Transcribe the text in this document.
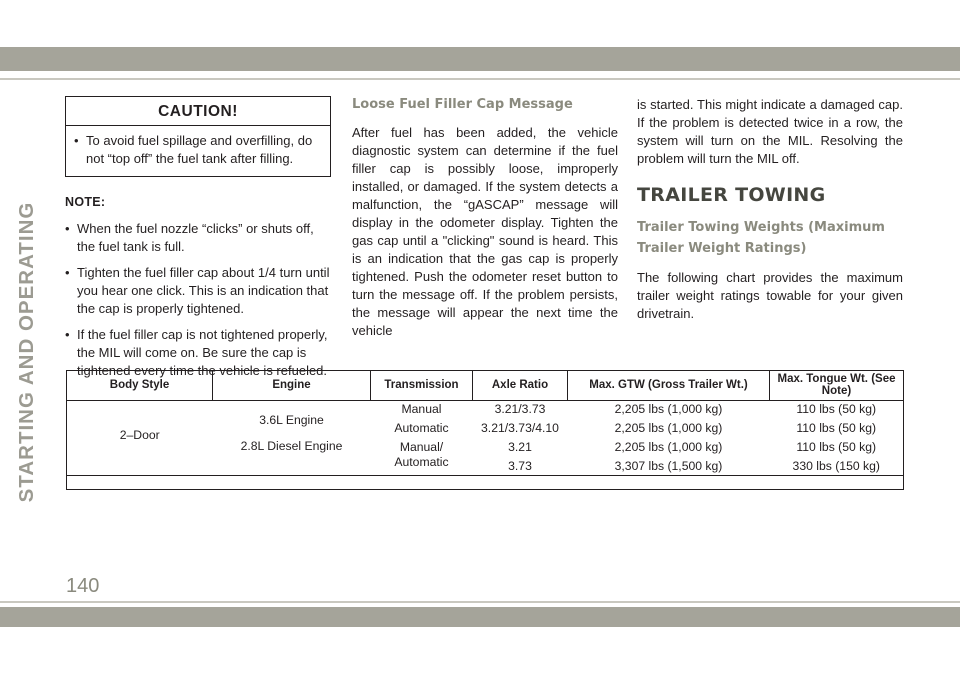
STARTING AND OPERATING
CAUTION!

• To avoid fuel spillage and overfilling, do not “top off” the fuel tank after filling.

NOTE:

• When the fuel nozzle “clicks” or shuts off, the fuel tank is full.

• Tighten the fuel filler cap about 1/4 turn until you hear one click. This is an indication that the cap is properly tightened.

• If the fuel filler cap is not tightened properly, the MIL will come on. Be sure the cap is tightened every time the vehicle is refueled.

Loose Fuel Filler Cap Message

After fuel has been added, the vehicle diagnostic system can determine if the fuel filler cap is possibly loose, improperly installed, or damaged. If the system detects a malfunction, the “gASCAP” message will display in the odometer display. Tighten the gas cap until a "clicking" sound is heard. This is an indication that the gas cap is properly tightened. Push the odometer reset button to turn the message off. If the problem persists, the message will appear the next time the vehicle

is started. This might indicate a damaged cap. If the problem is detected twice in a row, the system will turn on the MIL. Resolving the problem will turn the MIL off.

TRAILER TOWING
Trailer Towing Weights (Maximum Trailer Weight Ratings)

The following chart provides the maximum trailer weight ratings towable for your given drivetrain.

Body Style	Engine	Transmission	Axle Ratio	Max. GTW (Gross Trailer Wt.)	Max. Tongue Wt. (See Note)
2–Door	3.6L Engine	Manual	3.21/3.73	2,205 lbs (1,000 kg)	110 lbs (50 kg)
		Automatic	3.21/3.73/4.10	2,205 lbs (1,000 kg)	110 lbs (50 kg)
	2.8L Diesel Engine	Manual/ Automatic	3.21	2,205 lbs (1,000 kg)	110 lbs (50 kg)
			3.73	3,307 lbs (1,500 kg)	330 lbs (150 kg)

140
